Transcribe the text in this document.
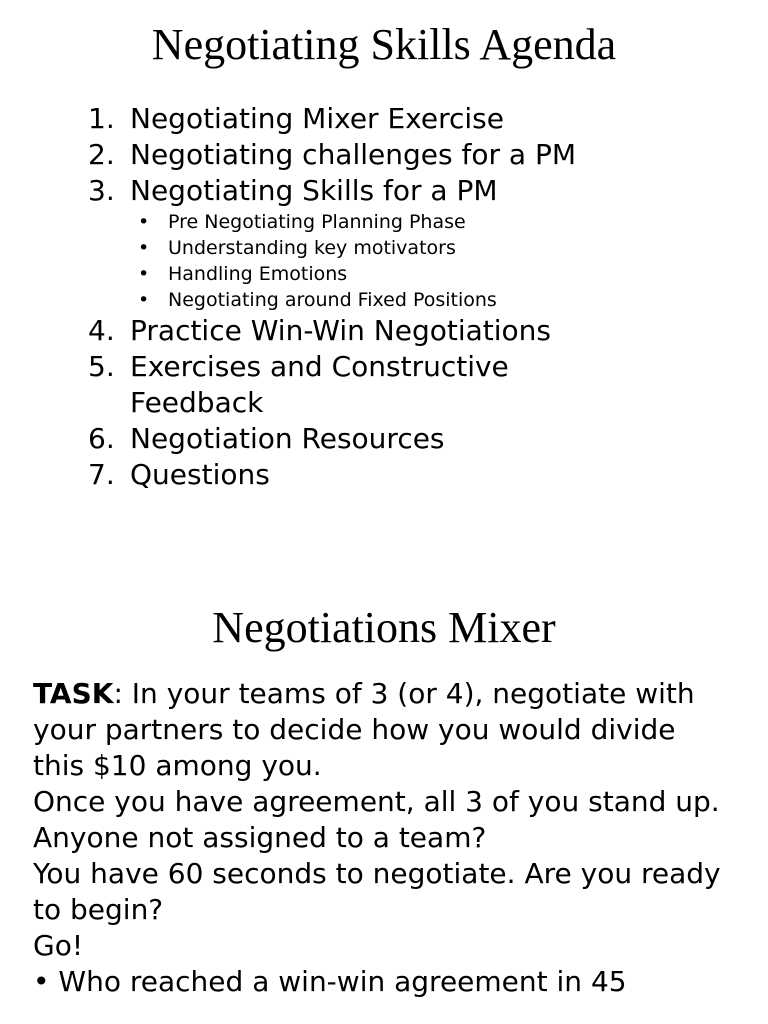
Negotiating Skills Agenda
1. Negotiating Mixer Exercise
2. Negotiating challenges for a PM
3. Negotiating Skills for a PM
• Pre Negotiating Planning Phase
• Understanding key motivators
• Handling Emotions
• Negotiating around Fixed Positions
4. Practice Win-Win Negotiations
5. Exercises and Constructive Feedback
6. Negotiation Resources
7. Questions
Negotiations Mixer

TASK: In your teams of 3 (or 4), negotiate with your partners to decide how you would divide this $10 among you.

Once you have agreement, all 3 of you stand up.

Anyone not assigned to a team?

You have 60 seconds to negotiate. Are you ready to begin?

Go!

• Who reached a win-win agreement in 45
